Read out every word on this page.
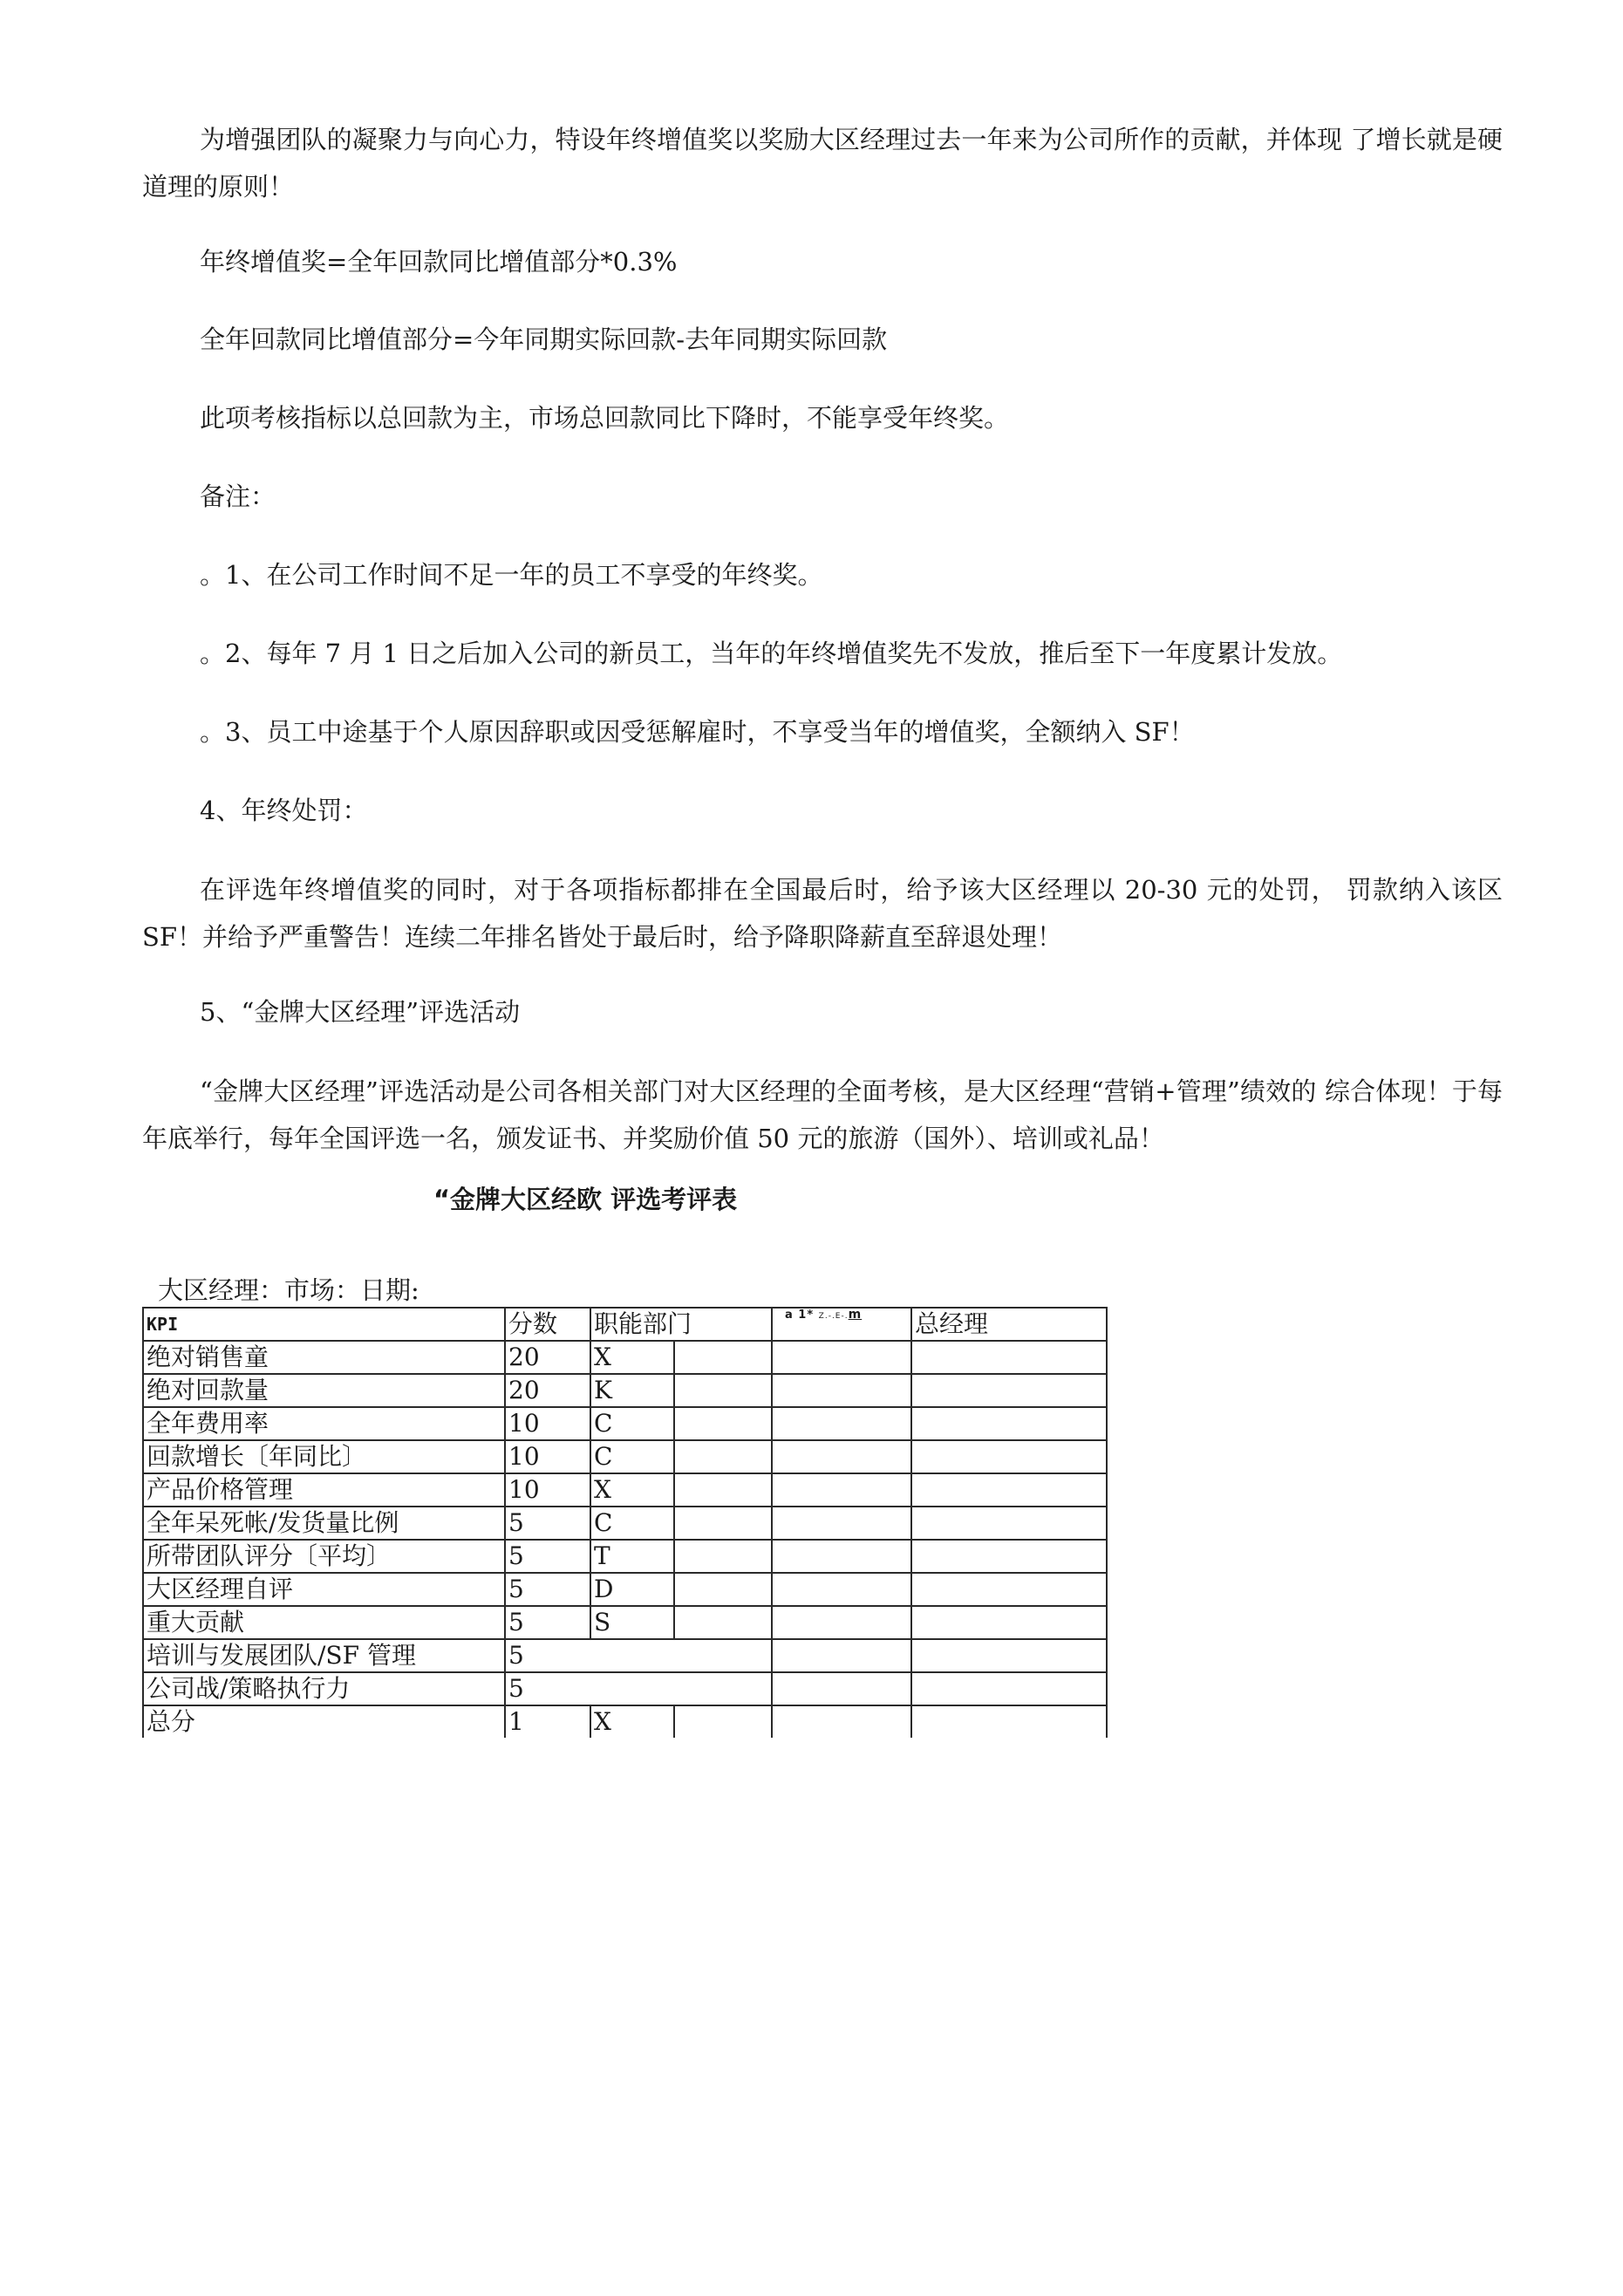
为增强团队的凝聚力与向心力，特设年终增值奖以奖励大区经理过去一年来为公司所作的贡献，并体现 了增长就是硬道理的原则！

年终增值奖=全年回款同比增值部分*0.3%

全年回款同比增值部分=今年同期实际回款-去年同期实际回款

此项考核指标以总回款为主，市场总回款同比下降时，不能享受年终奖。

备注：

。1、在公司工作时间不足一年的员工不享受的年终奖。

。2、每年 7 月 1 日之后加入公司的新员工，当年的年终增值奖先不发放，推后至下一年度累计发放。

。3、员工中途基于个人原因辞职或因受惩解雇时，不享受当年的增值奖，全额纳入 SF！

4、年终处罚：

在评选年终增值奖的同时，对于各项指标都排在全国最后时，给予该大区经理以 20-30 元的处罚， 罚款纳入该区 SF！并给予严重警告！连续二年排名皆处于最后时，给予降职降薪直至辞退处理！

5、“金牌大区经理”评选活动

“金牌大区经理”评选活动是公司各相关部门对大区经理的全面考核，是大区经理“营销+管理”绩效的 综合体现！于每年底举行，每年全国评选一名，颁发证书、并奖励价值 50 元的旅游（国外）、培训或礼品！

“金牌大区经欧 评选考评表
大区经理：市场：日期:
KPI	分数	职能部门		a 1* Z.-.E-.m	总经理
绝对销售童	20	X			
绝对回款量	20	K			
全年费用率	10	C			
回款增长〔年同比〕	10	C			
产品价格管理	10	X			
全年呆死帐/发货量比例	5	C			
所带团队评分〔平均〕	5	T			
大区经理自评	5	D			
重大贡献	5	S			
培训与发展团队/SF 管理	5				
公司战/策略执行力	5				
总分	1	X			
